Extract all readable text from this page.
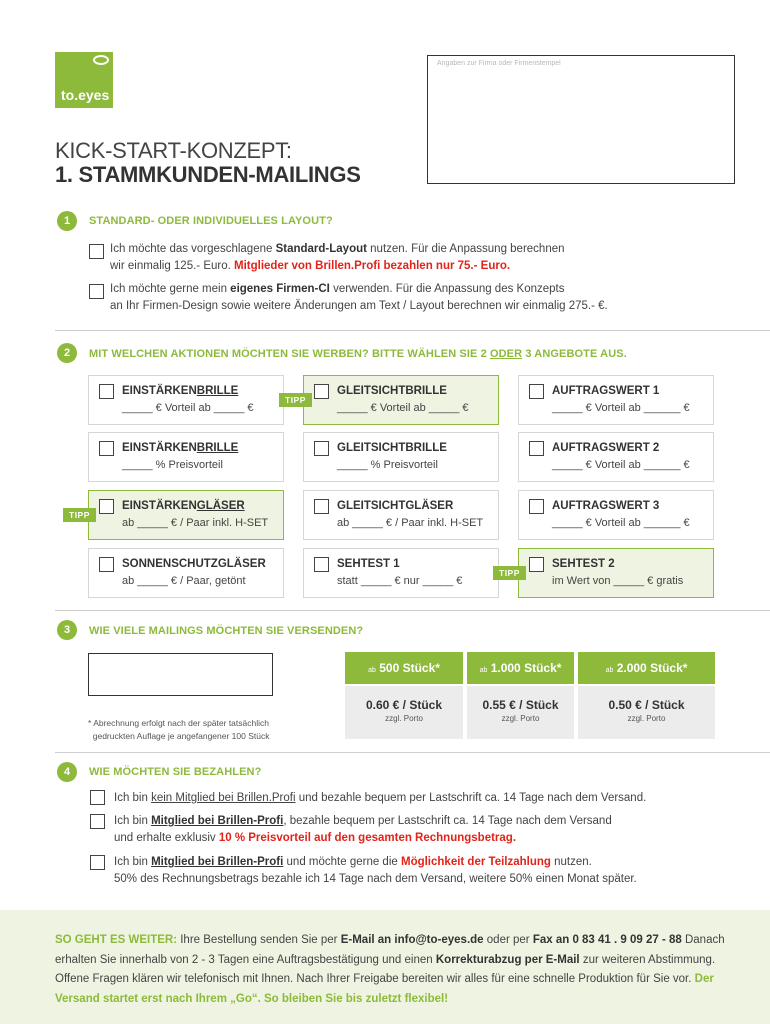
to.eyes
Angaben zur Firma oder Firmenstempel
KICK-START-KONZEPT:
1. STAMMKUNDEN-MAILINGS
1	STANDARD- ODER INDIVIDUELLES LAYOUT?
Ich möchte das vorgeschlagene Standard-Layout nutzen. Für die Anpassung berechnen
wir einmalig 125.- Euro. Mitglieder von Brillen.Profi bezahlen nur 75.- Euro.
Ich möchte gerne mein eigenes Firmen-CI verwenden. Für die Anpassung des Konzepts
an Ihr Firmen-Design sowie weitere Änderungen am Text / Layout berechnen wir einmalig 275.- €.
2	MIT WELCHEN AKTIONEN MÖCHTEN SIE WERBEN? BITTE WÄHLEN SIE 2 ODER 3 ANGEBOTE AUS.
EINSTÄRKENBRILLE
_____ € Vorteil ab _____ €
GLEITSICHTBRILLE
_____ € Vorteil ab _____ €
TIPP
AUFTRAGSWERT 1
_____ € Vorteil ab ______ €
EINSTÄRKENBRILLE
_____ % Preisvorteil
GLEITSICHTBRILLE
_____ % Preisvorteil
AUFTRAGSWERT 2
_____ € Vorteil ab ______ €
EINSTÄRKENGLÄSER
ab _____ € / Paar inkl. H-SET
TIPP
GLEITSICHTGLÄSER
ab _____ € / Paar inkl. H-SET
AUFTRAGSWERT 3
_____ € Vorteil ab ______ €
SONNENSCHUTZGLÄSER
ab _____ € / Paar, getönt
SEHTEST 1
statt _____ € nur _____ €
SEHTEST 2
im Wert von _____ € gratis
TIPP
3	WIE VIELE MAILINGS MÖCHTEN SIE VERSENDEN?
* Abrechnung erfolgt nach der später tatsächlich
gedruckten Auflage je angefangener 100 Stück
ab 500 Stück*
0.60 € / Stück
zzgl. Porto
ab 1.000 Stück*
0.55 € / Stück
zzgl. Porto
ab 2.000 Stück*
0.50 € / Stück
zzgl. Porto
4	WIE MÖCHTEN SIE BEZAHLEN?
Ich bin kein Mitglied bei Brillen.Profi und bezahle bequem per Lastschrift ca. 14 Tage nach dem Versand.
Ich bin Mitglied bei Brillen-Profi, bezahle bequem per Lastschrift ca. 14 Tage nach dem Versand
und erhalte exklusiv 10 % Preisvorteil auf den gesamten Rechnungsbetrag.
Ich bin Mitglied bei Brillen-Profi und möchte gerne die Möglichkeit der Teilzahlung nutzen.
50% des Rechnungsbetrags bezahle ich 14 Tage nach dem Versand, weitere 50% einen Monat später.

SO GEHT ES WEITER: Ihre Bestellung senden Sie per E-Mail an info@to-eyes.de oder per Fax an 0 83 41 . 9 09 27 - 88 Danach erhalten Sie innerhalb von 2 - 3 Tagen eine Auftragsbestätigung und einen Korrekturabzug per E-Mail zur weiteren Abstimmung. Offene Fragen klären wir telefonisch mit Ihnen. Nach Ihrer Freigabe bereiten wir alles für eine schnelle Produktion für Sie vor. Der Versand startet erst nach Ihrem „Go“. So bleiben Sie bis zuletzt flexibel!
